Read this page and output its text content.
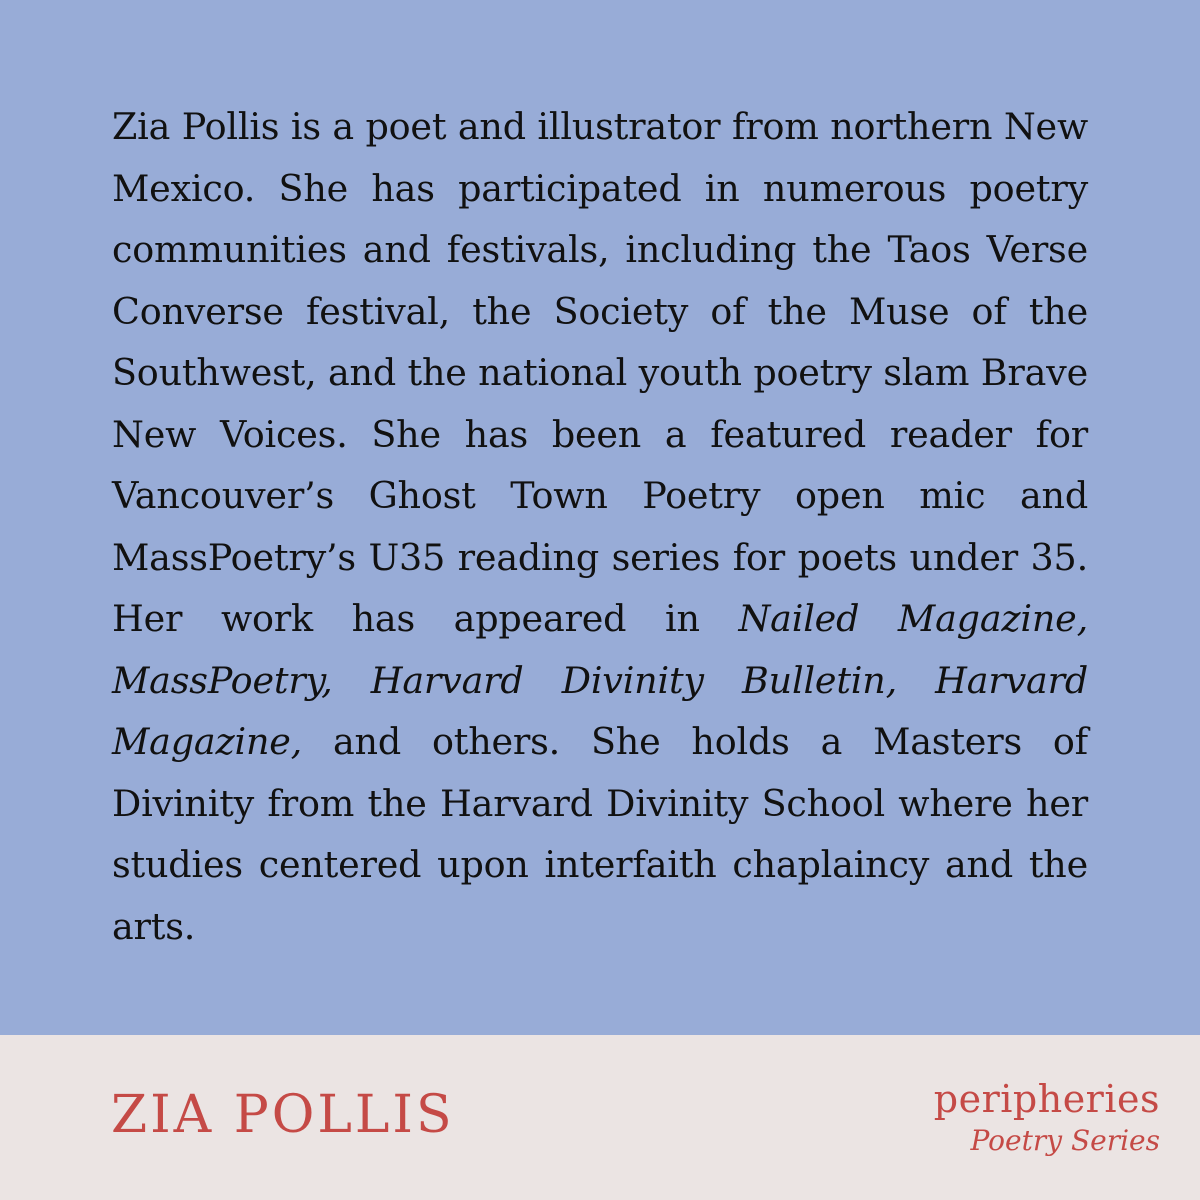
Zia Pollis is a poet and illustrator from northern New Mexico. She has participated in numerous poetry communities and festivals, including the Taos Verse Converse festival, the Society of the Muse of the Southwest, and the national youth poetry slam Brave New Voices. She has been a featured reader for Vancouver’s Ghost Town Poetry open mic and MassPoetry’s U35 reading series for poets under 35. Her work has appeared in Nailed Magazine, MassPoetry, Harvard Divinity Bulletin, Harvard Magazine, and others. She holds a Masters of Divinity from the Harvard Divinity School where her studies centered upon interfaith chaplaincy and the arts.

ZIA POLLIS	peripheries
Poetry Series
